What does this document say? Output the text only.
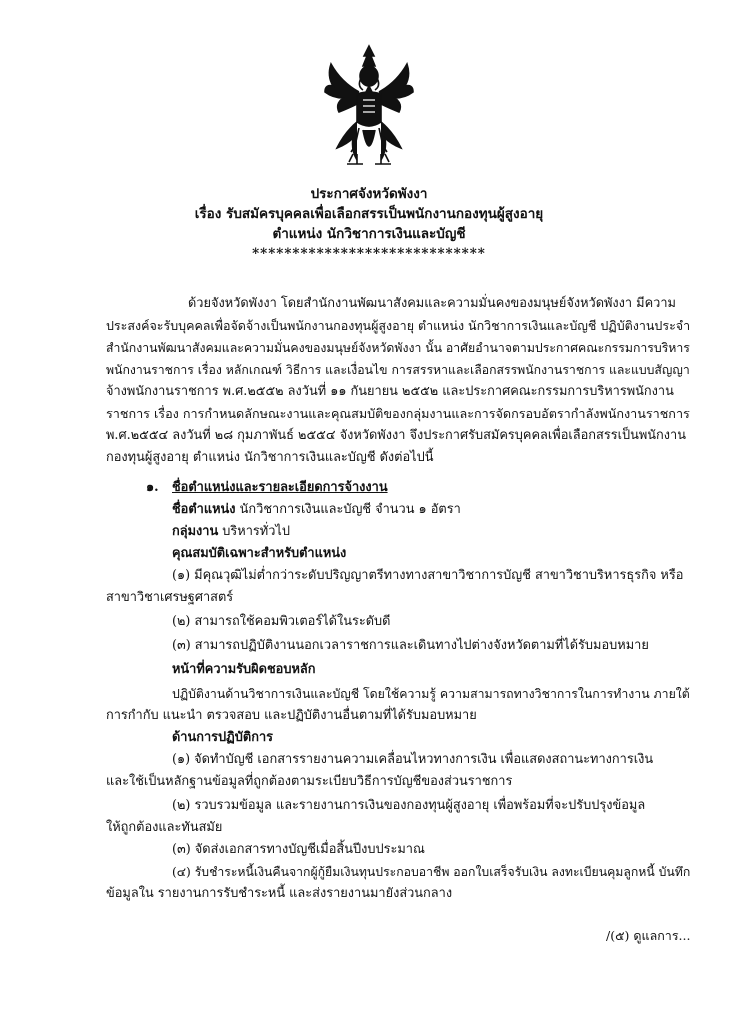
ประกาศจังหวัดพังงา
เรื่อง รับสมัครบุคคลเพื่อเลือกสรรเป็นพนักงานกองทุนผู้สูงอายุ
ตำแหน่ง นักวิชาการเงินและบัญชี
*****************************
ด้วยจังหวัดพังงา โดยสำนักงานพัฒนาสังคมและความมั่นคงของมนุษย์จังหวัดพังงา มีความ
ประสงค์จะรับบุคคลเพื่อจัดจ้างเป็นพนักงานกองทุนผู้สูงอายุ ตำแหน่ง นักวิชาการเงินและบัญชี ปฏิบัติงานประจำ
สำนักงานพัฒนาสังคมและความมั่นคงของมนุษย์จังหวัดพังงา นั้น อาศัยอำนาจตามประกาศคณะกรรมการบริหาร
พนักงานราชการ เรื่อง หลักเกณฑ์ วิธีการ และเงื่อนไข การสรรหาและเลือกสรรพนักงานราชการ และแบบสัญญา
จ้างพนักงานราชการ พ.ศ.๒๕๕๒ ลงวันที่ ๑๑ กันยายน ๒๕๕๒ และประกาศคณะกรรมการบริหารพนักงาน
ราชการ เรื่อง การกำหนดลักษณะงานและคุณสมบัติของกลุ่มงานและการจัดกรอบอัตรากำลังพนักงานราชการ
พ.ศ.๒๕๕๔ ลงวันที่ ๒๘ กุมภาพันธ์ ๒๕๕๔ จังหวัดพังงา จึงประกาศรับสมัครบุคคลเพื่อเลือกสรรเป็นพนักงาน
กองทุนผู้สูงอายุ ตำแหน่ง นักวิชาการเงินและบัญชี ดังต่อไปนี้
๑. ชื่อตำแหน่งและรายละเอียดการจ้างงาน
ชื่อตำแหน่ง นักวิชาการเงินและบัญชี จำนวน ๑ อัตรา
กลุ่มงาน บริหารทั่วไป
คุณสมบัติเฉพาะสำหรับตำแหน่ง
(๑) มีคุณวุฒิไม่ต่ำกว่าระดับปริญญาตรีทางทางสาขาวิชาการบัญชี สาขาวิชาบริหารธุรกิจ หรือ
สาขาวิชาเศรษฐศาสตร์
(๒) สามารถใช้คอมพิวเตอร์ได้ในระดับดี
(๓) สามารถปฏิบัติงานนอกเวลาราชการและเดินทางไปต่างจังหวัดตามที่ได้รับมอบหมาย
หน้าที่ความรับผิดชอบหลัก
ปฏิบัติงานด้านวิชาการเงินและบัญชี โดยใช้ความรู้ ความสามารถทางวิชาการในการทำงาน ภายใต้
การกำกับ แนะนำ ตรวจสอบ และปฏิบัติงานอื่นตามที่ได้รับมอบหมาย
ด้านการปฏิบัติการ
(๑) จัดทำบัญชี เอกสารรายงานความเคลื่อนไหวทางการเงิน เพื่อแสดงสถานะทางการเงิน
และใช้เป็นหลักฐานข้อมูลที่ถูกต้องตามระเบียบวิธีการบัญชีของส่วนราชการ
(๒) รวบรวมข้อมูล และรายงานการเงินของกองทุนผู้สูงอายุ เพื่อพร้อมที่จะปรับปรุงข้อมูล
ให้ถูกต้องและทันสมัย
(๓) จัดส่งเอกสารทางบัญชีเมื่อสิ้นปีงบประมาณ
(๔) รับชำระหนี้เงินคืนจากผู้กู้ยืมเงินทุนประกอบอาชีพ ออกใบเสร็จรับเงิน ลงทะเบียนคุมลูกหนี้ บันทึก
ข้อมูลใน รายงานการรับชำระหนี้ และส่งรายงานมายังส่วนกลาง
/(๕) ดูแลการ...
